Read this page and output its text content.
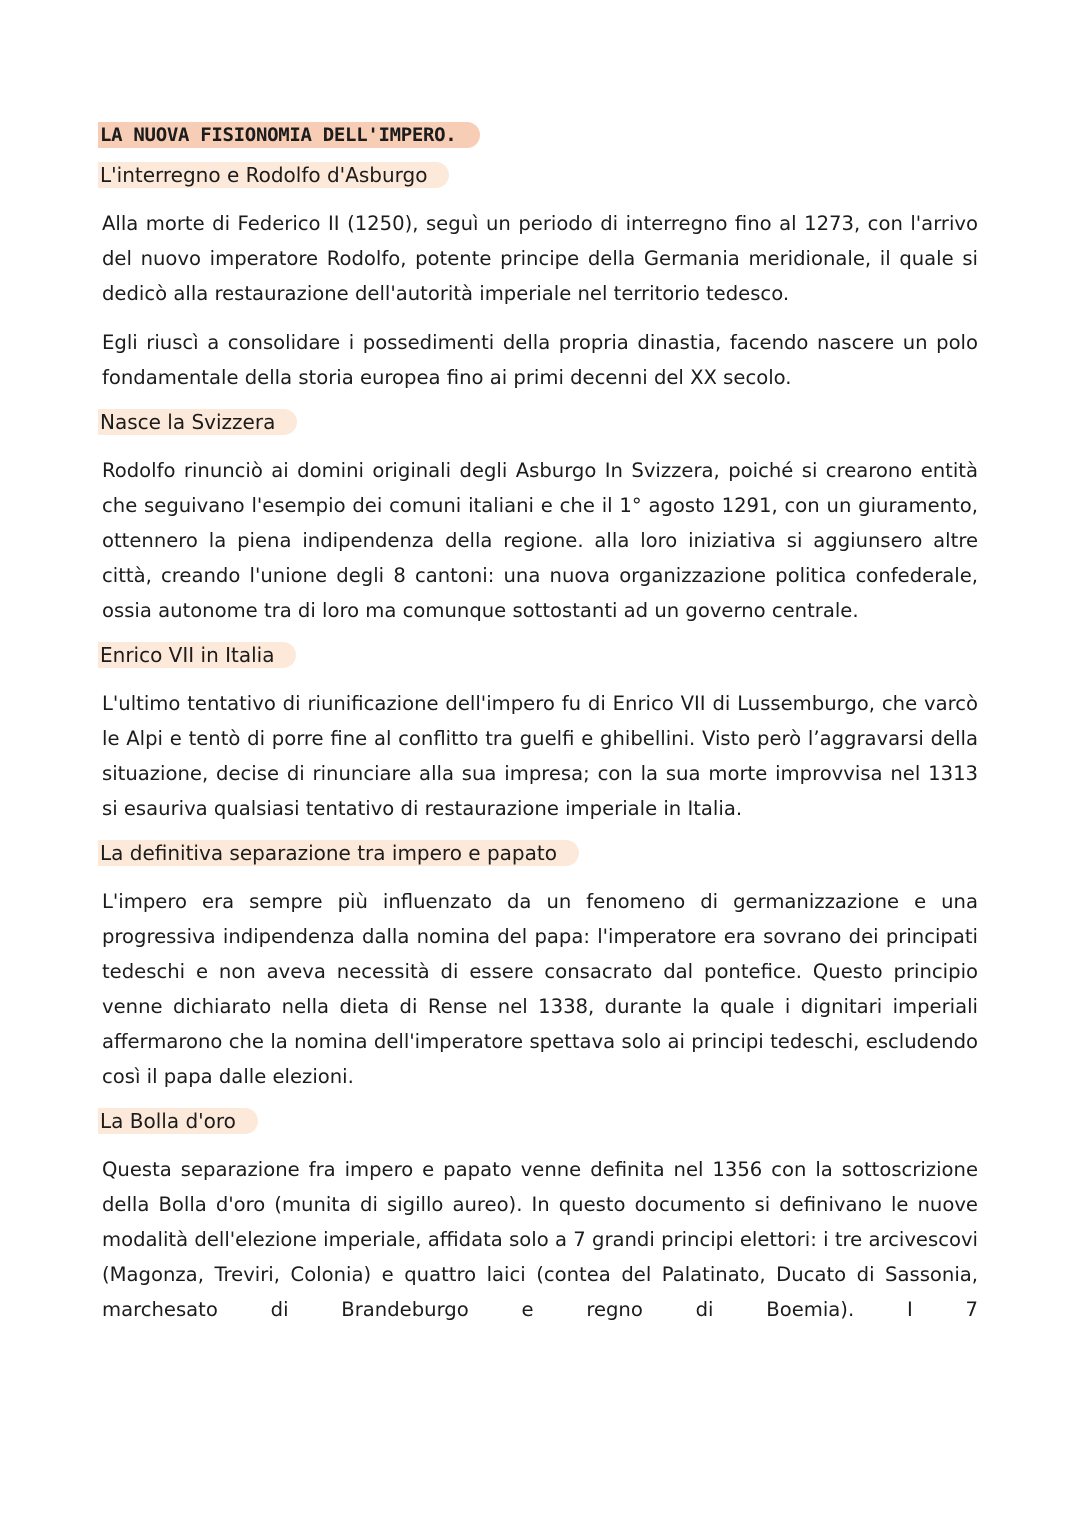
LA NUOVA FISIONOMIA DELL'IMPERO.
L'interregno e Rodolfo d'Asburgo

Alla morte di Federico II (1250), seguì un periodo di interregno fino al 1273, con l'arrivo del nuovo imperatore Rodolfo, potente principe della Germania meridionale, il quale si dedicò alla restaurazione dell'autorità imperiale nel territorio tedesco.

Egli riuscì a consolidare i possedimenti della propria dinastia, facendo nascere un polo fondamentale della storia europea fino ai primi decenni del XX secolo.

Nasce la Svizzera

Rodolfo rinunciò ai domini originali degli Asburgo In Svizzera, poiché si crearono entità che seguivano l'esempio dei comuni italiani e che il 1° agosto 1291, con un giuramento, ottennero la piena indipendenza della regione. alla loro iniziativa si aggiunsero altre città, creando l'unione degli 8 cantoni: una nuova organizzazione politica confederale, ossia autonome tra di loro ma comunque sottostanti ad un governo centrale.

Enrico VII in Italia

L'ultimo tentativo di riunificazione dell'impero fu di Enrico VII di Lussemburgo, che varcò le Alpi e tentò di porre fine al conflitto tra guelfi e ghibellini. Visto però l’aggravarsi della situazione, decise di rinunciare alla sua impresa; con la sua morte improvvisa nel 1313 si esauriva qualsiasi tentativo di restaurazione imperiale in Italia.

La definitiva separazione tra impero e papato

L'impero era sempre più influenzato da un fenomeno di germanizzazione e una progressiva indipendenza dalla nomina del papa: l'imperatore era sovrano dei principati tedeschi e non aveva necessità di essere consacrato dal pontefice. Questo principio venne dichiarato nella dieta di Rense nel 1338, durante la quale i dignitari imperiali affermarono che la nomina dell'imperatore spettava solo ai principi tedeschi, escludendo così il papa dalle elezioni.

La Bolla d'oro

Questa separazione fra impero e papato venne definita nel 1356 con la sottoscrizione della Bolla d'oro (munita di sigillo aureo). In questo documento si definivano le nuove modalità dell'elezione imperiale, affidata solo a 7 grandi principi elettori: i tre arcivescovi (Magonza, Treviri, Colonia) e quattro laici (contea del Palatinato, Ducato di Sassonia, marchesato di Brandeburgo e regno di Boemia). I 7
